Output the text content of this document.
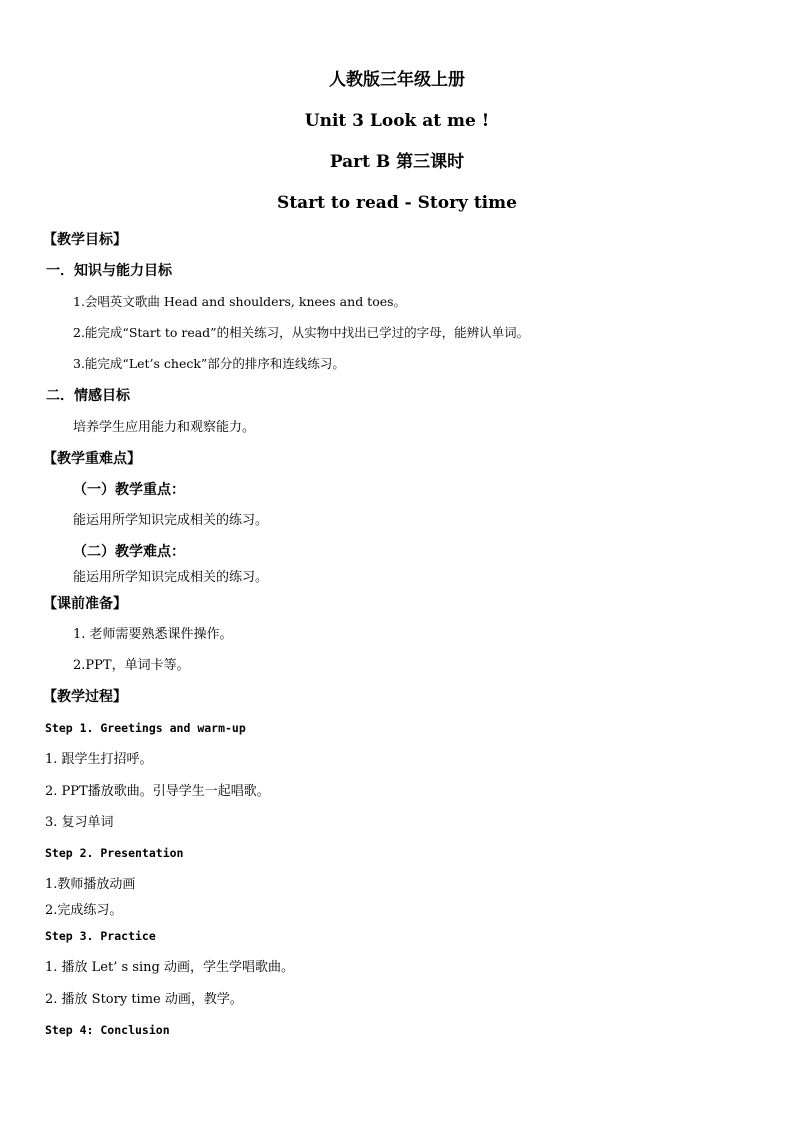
人教版三年级上册
Unit 3 Look at me !
Part B 第三课时
Start to read - Story time
【教学目标】
一．知识与能力目标
1.会唱英文歌曲 Head and shoulders, knees and toes。
2.能完成“Start to read”的相关练习，从实物中找出已学过的字母，能辨认单词。
3.能完成“Let’s check”部分的排序和连线练习。
二．情感目标
培养学生应用能力和观察能力。
【教学重难点】
（一）教学重点：
能运用所学知识完成相关的练习。
（二）教学难点：
能运用所学知识完成相关的练习。
【课前准备】
1. 老师需要熟悉课件操作。
2.PPT，单词卡等。
【教学过程】
Step 1. Greetings and warm-up
1. 跟学生打招呼。
2. PPT播放歌曲。引导学生一起唱歌。
3. 复习单词
Step 2. Presentation
1.教师播放动画
2.完成练习。
Step 3. Practice
1. 播放 Let’ s sing 动画，学生学唱歌曲。
2. 播放 Story time 动画，教学。
Step 4: Conclusion
